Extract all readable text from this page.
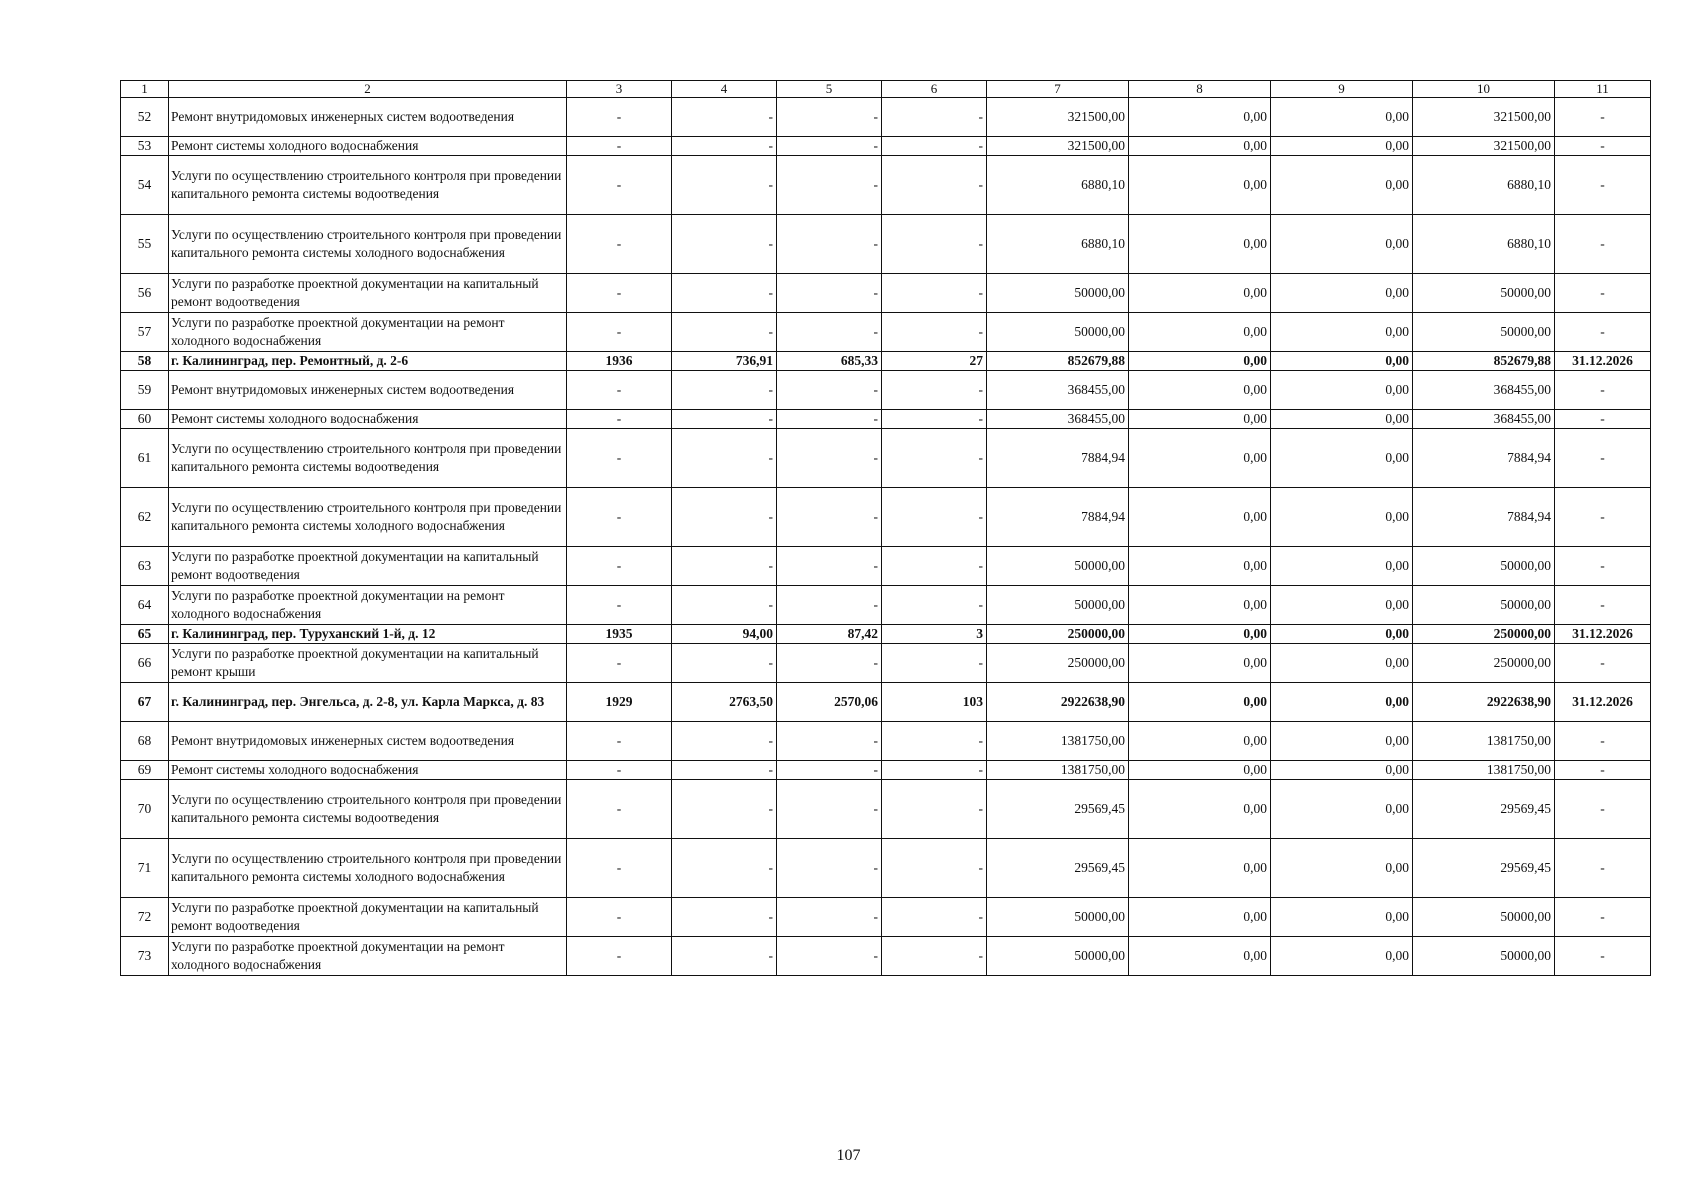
1	2	3	4	5	6	7	8	9	10	11
52	Ремонт внутридомовых инженерных систем водоотведения	-	-	-	-	321500,00	0,00	0,00	321500,00	-
53	Ремонт системы холодного водоснабжения	-	-	-	-	321500,00	0,00	0,00	321500,00	-
54	Услуги по осуществлению строительного контроля при проведении капитального ремонта системы водоотведения	-	-	-	-	6880,10	0,00	0,00	6880,10	-
55	Услуги по осуществлению строительного контроля при проведении капитального ремонта системы холодного водоснабжения	-	-	-	-	6880,10	0,00	0,00	6880,10	-
56	Услуги по разработке проектной документации на капитальный ремонт водоотведения	-	-	-	-	50000,00	0,00	0,00	50000,00	-
57	Услуги по разработке проектной документации на ремонт холодного водоснабжения	-	-	-	-	50000,00	0,00	0,00	50000,00	-
58	г. Калининград, пер. Ремонтный, д. 2-6	1936	736,91	685,33	27	852679,88	0,00	0,00	852679,88	31.12.2026
59	Ремонт внутридомовых инженерных систем водоотведения	-	-	-	-	368455,00	0,00	0,00	368455,00	-
60	Ремонт системы холодного водоснабжения	-	-	-	-	368455,00	0,00	0,00	368455,00	-
61	Услуги по осуществлению строительного контроля при проведении капитального ремонта системы водоотведения	-	-	-	-	7884,94	0,00	0,00	7884,94	-
62	Услуги по осуществлению строительного контроля при проведении капитального ремонта системы холодного водоснабжения	-	-	-	-	7884,94	0,00	0,00	7884,94	-
63	Услуги по разработке проектной документации на капитальный ремонт водоотведения	-	-	-	-	50000,00	0,00	0,00	50000,00	-
64	Услуги по разработке проектной документации на ремонт холодного водоснабжения	-	-	-	-	50000,00	0,00	0,00	50000,00	-
65	г. Калининград, пер. Туруханский 1-й, д. 12	1935	94,00	87,42	3	250000,00	0,00	0,00	250000,00	31.12.2026
66	Услуги по разработке проектной документации на капитальный ремонт крыши	-	-	-	-	250000,00	0,00	0,00	250000,00	-
67	г. Калининград, пер. Энгельса, д. 2-8, ул. Карла Маркса, д. 83	1929	2763,50	2570,06	103	2922638,90	0,00	0,00	2922638,90	31.12.2026
68	Ремонт внутридомовых инженерных систем водоотведения	-	-	-	-	1381750,00	0,00	0,00	1381750,00	-
69	Ремонт системы холодного водоснабжения	-	-	-	-	1381750,00	0,00	0,00	1381750,00	-
70	Услуги по осуществлению строительного контроля при проведении капитального ремонта системы водоотведения	-	-	-	-	29569,45	0,00	0,00	29569,45	-
71	Услуги по осуществлению строительного контроля при проведении капитального ремонта системы холодного водоснабжения	-	-	-	-	29569,45	0,00	0,00	29569,45	-
72	Услуги по разработке проектной документации на капитальный ремонт водоотведения	-	-	-	-	50000,00	0,00	0,00	50000,00	-
73	Услуги по разработке проектной документации на ремонт холодного водоснабжения	-	-	-	-	50000,00	0,00	0,00	50000,00	-
107
